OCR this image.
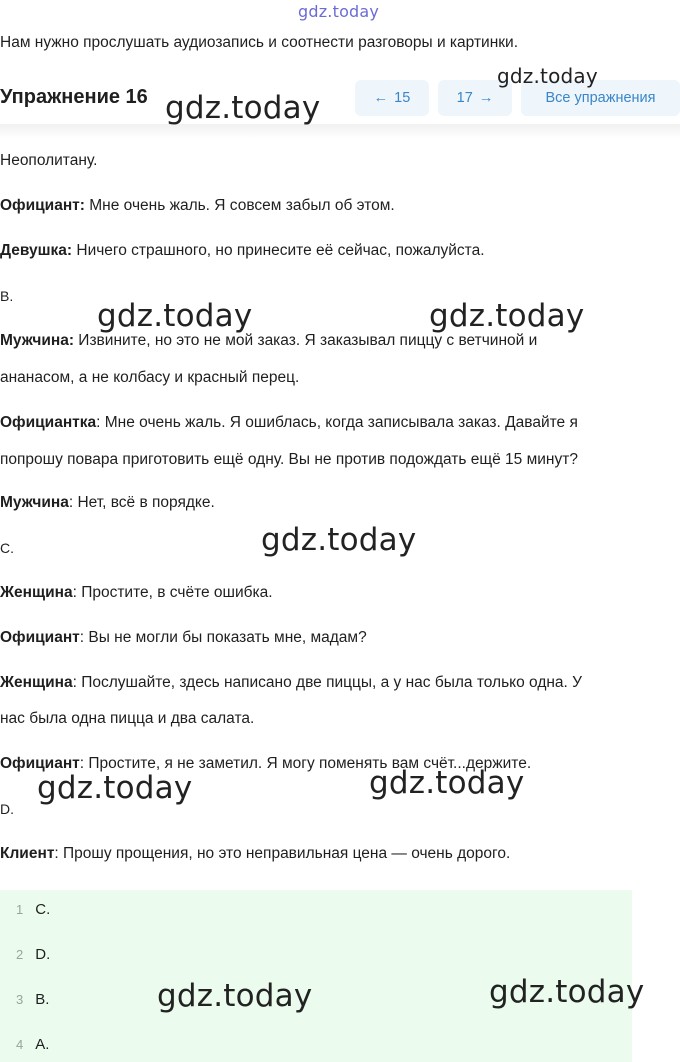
gdz.today
Нам нужно прослушать аудиозапись и соотнести разговоры и картинки.
Упражнение 16	← 15	17 →	Все упражнения
Неополитану.
Официант: Мне очень жаль. Я совсем забыл об этом.
Девушка: Ничего страшного, но принесите её сейчас, пожалуйста.
B.
Мужчина: Извините, но это не мой заказ. Я заказывал пиццу с ветчиной и
ананасом, а не колбасу и красный перец.
Официантка: Мне очень жаль. Я ошиблась, когда записывала заказ. Давайте я
попрошу повара приготовить ещё одну. Вы не против подождать ещё 15 минут?
Мужчина: Нет, всё в порядке.
C.
Женщина: Простите, в счёте ошибка.
Официант: Вы не могли бы показать мне, мадам?
Женщина: Послушайте, здесь написано две пиццы, а у нас была только одна. У
нас была одна пицца и два салата.
Официант: Простите, я не заметил. Я могу поменять вам счёт...держите.
D.
Клиент: Прошу прощения, но это неправильная цена — очень дорого.
1 C.
2 D.
3 B.
4 A.
gdz.today
gdz.today
gdz.today	gdz.today
gdz.today
gdz.today	gdz.today
gdz.today	gdz.today
